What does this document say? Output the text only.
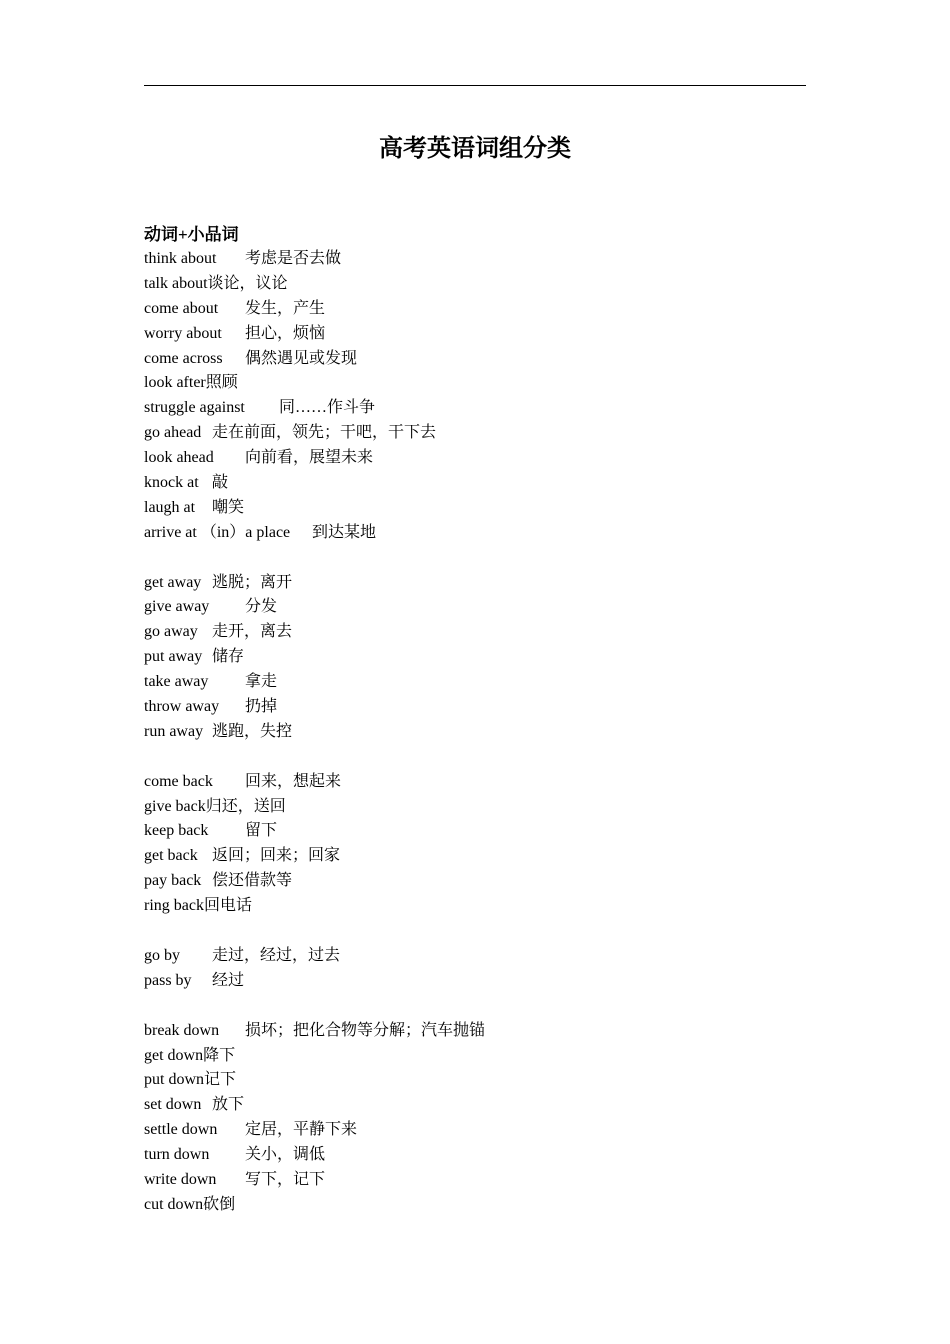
高考英语词组分类
动词+小品词
think about	考虑是否去做
talk about 谈论，议论
come about	发生，产生
worry about	担心，烦恼
come across	偶然遇见或发现
look after 照顾
struggle against	同……作斗争
go ahead 走在前面，领先；干吧，干下去
look ahead	向前看，展望未来
knock at 敲
laugh at	嘲笑
arrive at （in）a place	到达某地
get away 逃脱；离开
give away	分发
go away 走开，离去
put away 储存
take away	拿走
throw away	扔掉
run away 逃跑，失控
come back	回来，想起来
give back 归还，送回
keep back	留下
get back 返回；回来；回家
pay back 偿还借款等
ring back 回电话
go by	走过，经过，过去
pass by	经过
break down	损坏；把化合物等分解；汽车抛锚
get down 降下
put down 记下
set down 放下
settle down	定居，平静下来
turn down	关小，调低
write down	写下，记下
cut down 砍倒
